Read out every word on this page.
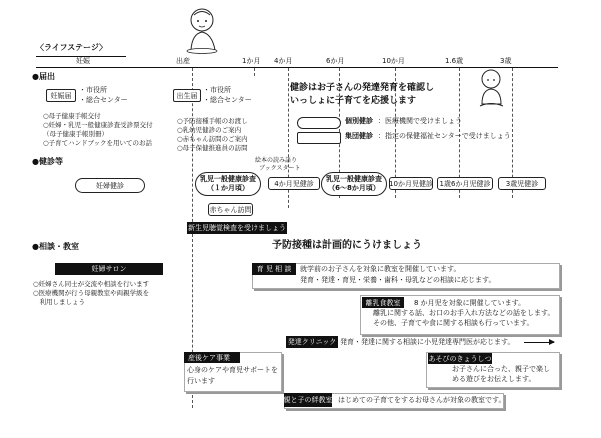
〈ライフステージ〉
妊娠	出産	1か月 4か月	6か月	10か月	1.6歳	3歳
●届出
妊娠届
・市役所
・総合センター
出生届
・市役所
・総合センター
○母子健康手帳交付
○妊婦・乳児一般健康診査受診票交付
（母子健康手帳別冊）
○子育てハンドブックを用いてのお話
○予防接種手帳のお渡し
○乳幼児健診のご案内
○赤ちゃん訪問のご案内
○母子保健推進員の訪問
健診はお子さんの発達発育を確認し
いっしょに子育てを応援します
個別健診 ：医療機関で受けましょう
集団健診 ：指定の保健福祉センターで受けましょう
●健診等
妊婦健診
乳児一般健康診査
（１か月頃）
絵本の読み語り
ブックスタート
4か月児健診
乳児一般健康診査
（6～8か月頃）
10か月児健診 1歳6か月児健診	3歳児健診
赤ちゃん訪問
新生児聴覚検査を受けましょう
●相談・教室	予防接種は計画的にうけましょう
妊婦サロン
○妊婦さん同士が交流や相談を行います
○医療機関が行う母親教室や両親学級を
　利用しましょう
育 児 相 談	就学前のお子さんを対象に教室を開催しています。
発育・発達・育児・栄養・歯科・母乳などの相談に応じます。
離乳食教室	8 か月児を対象に開催しています。
離乳に関する話、お口のお手入れ方法などの話をします。
その他、子育てや食に関する相談も行っています。
発達クリニック 発育・発達に関する相談に小児発達専門医が応じます。
産後ケア事業
心身のケアや育児サポートを
行います
あそびのきょうしつ
お子さんに合った、親子で楽し
める遊びをお伝えします。
親と子の絆教室 はじめての子育てをするお母さんが対象の教室です。
